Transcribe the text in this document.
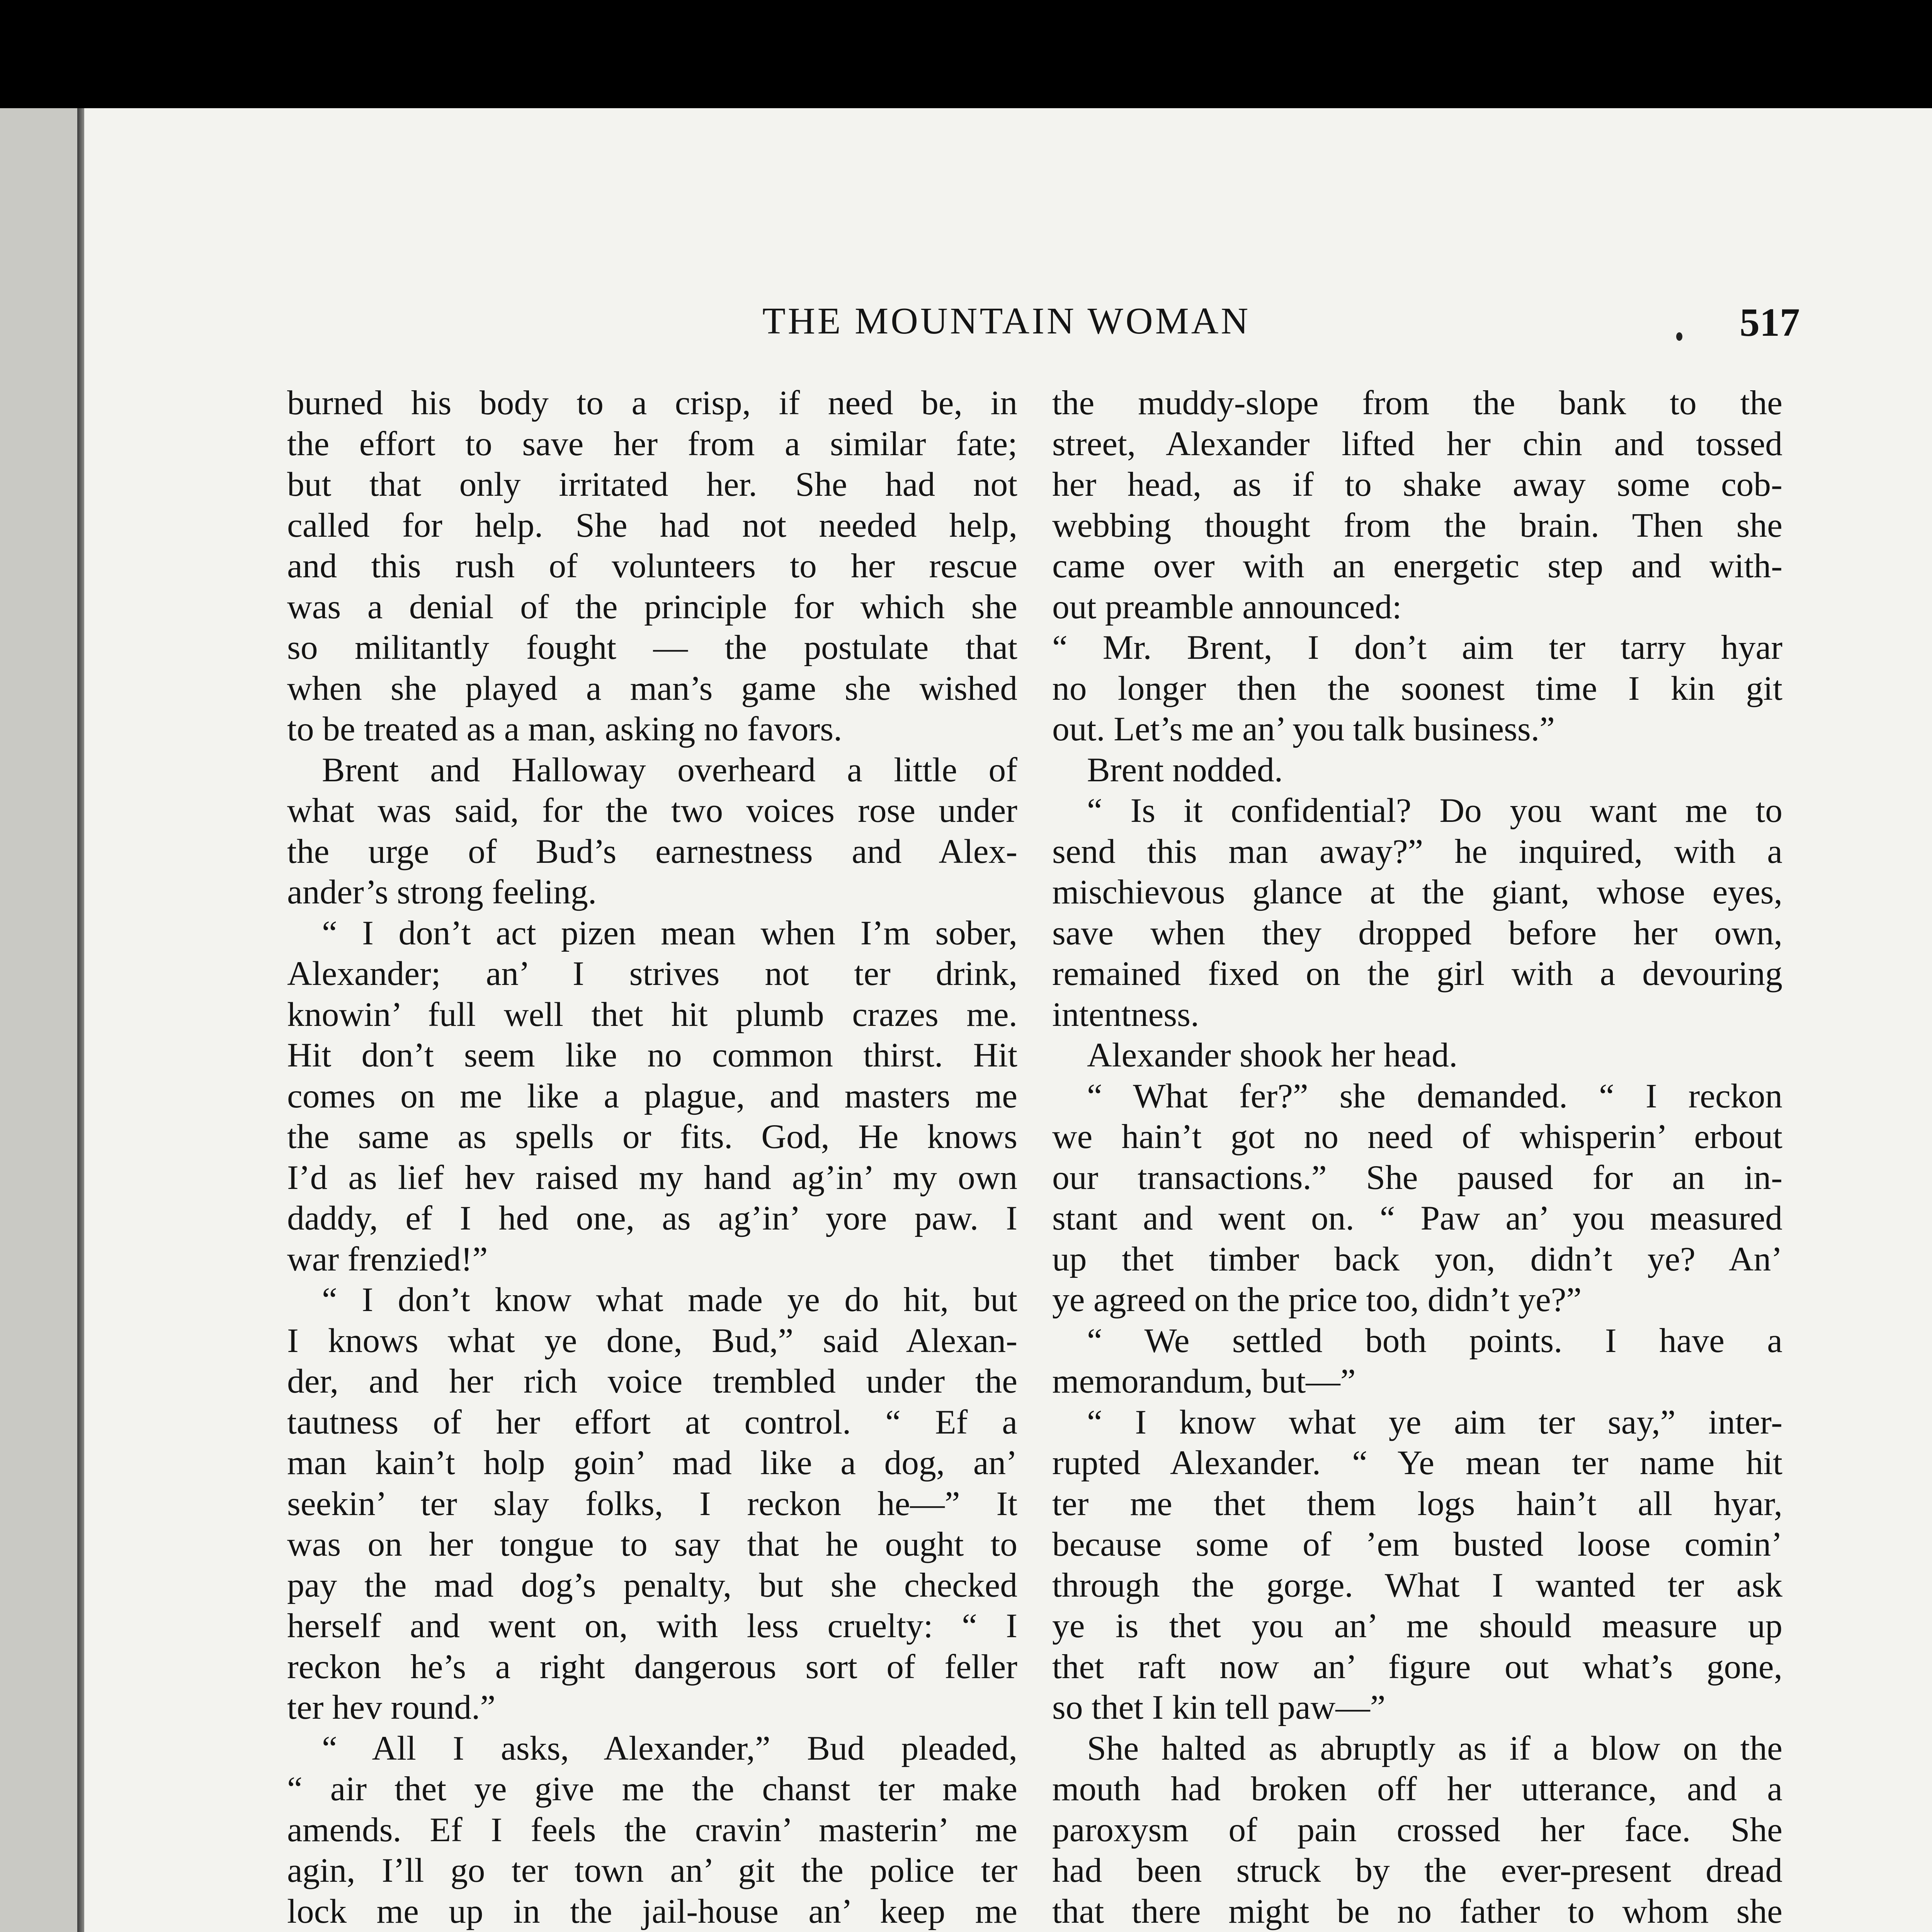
THE MOUNTAIN WOMAN	517
burned his body to a crisp, if need be, in
the effort to save her from a similar fate;
but that only irritated her. She had not
called for help. She had not needed help,
and this rush of volunteers to her rescue
was a denial of the principle for which she
so militantly fought — the postulate that
when she played a man’s game she wished
to be treated as a man, asking no favors.
Brent and Halloway overheard a little of
what was said, for the two voices rose under
the urge of Bud’s earnestness and Alex-
ander’s strong feeling.
“ I don’t act pizen mean when I’m sober,
Alexander; an’ I strives not ter drink,
knowin’ full well thet hit plumb crazes me.
Hit don’t seem like no common thirst. Hit
comes on me like a plague, and masters me
the same as spells or fits. God, He knows
I’d as lief hev raised my hand ag’in’ my own
daddy, ef I hed one, as ag’in’ yore paw. I
war frenzied!”
“ I don’t know what made ye do hit, but
I knows what ye done, Bud,” said Alexan-
der, and her rich voice trembled under the
tautness of her effort at control. “ Ef a
man kain’t holp goin’ mad like a dog, an’
seekin’ ter slay folks, I reckon he—” It
was on her tongue to say that he ought to
pay the mad dog’s penalty, but she checked
herself and went on, with less cruelty: “ I
reckon he’s a right dangerous sort of feller
ter hev round.”
“ All I asks, Alexander,” Bud pleaded,
“ air thet ye give me the chanst ter make
amends. Ef I feels the cravin’ masterin’ me
agin, I’ll go ter town an’ git the police ter
lock me up in the jail-house an’ keep me
the muddy-slope from the bank to the
street, Alexander lifted her chin and tossed
her head, as if to shake away some cob-
webbing thought from the brain. Then she
came over with an energetic step and with-
out preamble announced:
“ Mr. Brent, I don’t aim ter tarry hyar
no longer then the soonest time I kin git
out. Let’s me an’ you talk business.”
Brent nodded.
“ Is it confidential? Do you want me to
send this man away?” he inquired, with a
mischievous glance at the giant, whose eyes,
save when they dropped before her own,
remained fixed on the girl with a devouring
intentness.
Alexander shook her head.
“ What fer?” she demanded. “ I reckon
we hain’t got no need of whisperin’ erbout
our transactions.” She paused for an in-
stant and went on. “ Paw an’ you measured
up thet timber back yon, didn’t ye? An’
ye agreed on the price too, didn’t ye?”
“ We settled both points. I have a
memorandum, but—”
“ I know what ye aim ter say,” inter-
rupted Alexander. “ Ye mean ter name hit
ter me thet them logs hain’t all hyar,
because some of ’em busted loose comin’
through the gorge. What I wanted ter ask
ye is thet you an’ me should measure up
thet raft now an’ figure out what’s gone,
so thet I kin tell paw—”
She halted as abruptly as if a blow on the
mouth had broken off her utterance, and a
paroxysm of pain crossed her face. She
had been struck by the ever-present dread
that there might be no father to whom she
